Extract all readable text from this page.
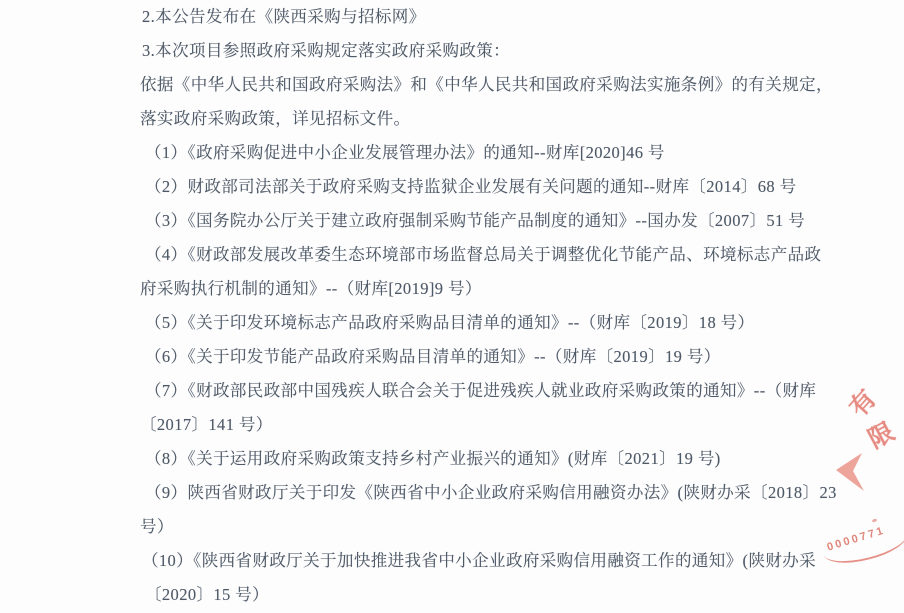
2.本公告发布在《陕西采购与招标网》
3.本次项目参照政府采购规定落实政府采购政策：
依据《中华人民共和国政府采购法》和《中华人民共和国政府采购法实施条例》的有关规定，
落实政府采购政策，详见招标文件。
（1）《政府采购促进中小企业发展管理办法》的通知--财库[2020]46 号
（2）财政部司法部关于政府采购支持监狱企业发展有关问题的通知--财库〔2014〕68 号
（3）《国务院办公厅关于建立政府强制采购节能产品制度的通知》--国办发〔2007〕51 号
（4）《财政部发展改革委生态环境部市场监督总局关于调整优化节能产品、环境标志产品政
府采购执行机制的通知》--（财库[2019]9 号）
（5）《关于印发环境标志产品政府采购品目清单的通知》--（财库〔2019〕18 号）
（6）《关于印发节能产品政府采购品目清单的通知》--（财库〔2019〕19 号）
（7）《财政部民政部中国残疾人联合会关于促进残疾人就业政府采购政策的通知》--（财库
〔2017〕141 号）
（8）《关于运用政府采购政策支持乡村产业振兴的通知》(财库〔2021〕19 号)
（9）陕西省财政厅关于印发《陕西省中小企业政府采购信用融资办法》(陕财办采〔2018〕23
号）
（10）《陕西省财政厅关于加快推进我省中小企业政府采购信用融资工作的通知》(陕财办采
〔2020〕15 号）
有
限
0000771
